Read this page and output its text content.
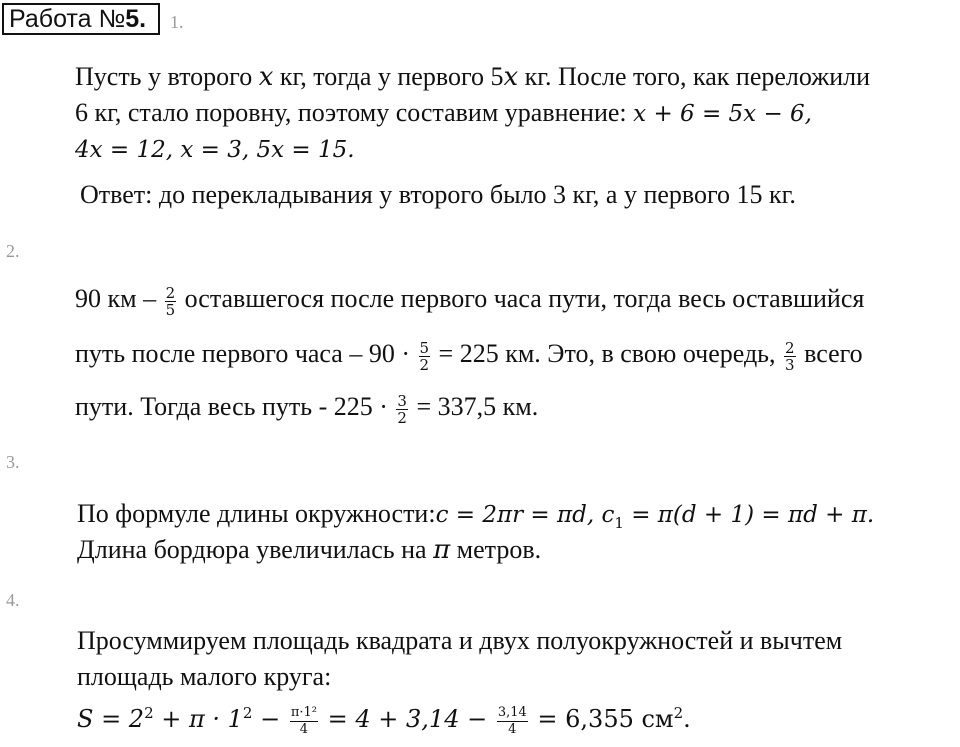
Работа №5.	1.
Пусть у второго x кг, тогда у первого 5x кг. После того, как переложили
6 кг, стало поровну, поэтому составим уравнение: x + 6 = 5x − 6,
4x = 12, x = 3, 5x = 15.
Ответ: до перекладывания у второго было 3 кг, а у первого 15 кг.
2.
90 км – $\frac{2}{5}$ оставшегося после первого часа пути, тогда весь оставшийся
путь после первого часа – $90 \cdot \frac{5}{2} = 225$ км. Это, в свою очередь, $\frac{2}{3}$ всего
пути. Тогда весь путь - $225 \cdot \frac{3}{2} = 337,5$ км.
3.
По формуле длины окружности:c = 2πr = πd, $c_1 = \pi(d + 1) = \pi d + \pi$.
Длина бордюра увеличилась на π метров.
4.
Просуммируем площадь квадрата и двух полуокружностей и вычтем
площадь малого круга:
$S = 2^2 + \pi \cdot 1^2 - \frac{\text{π·1²}}{4} = 4 + 3,14 - \frac{3,14}{4} = 6,355$ $см^2$.
